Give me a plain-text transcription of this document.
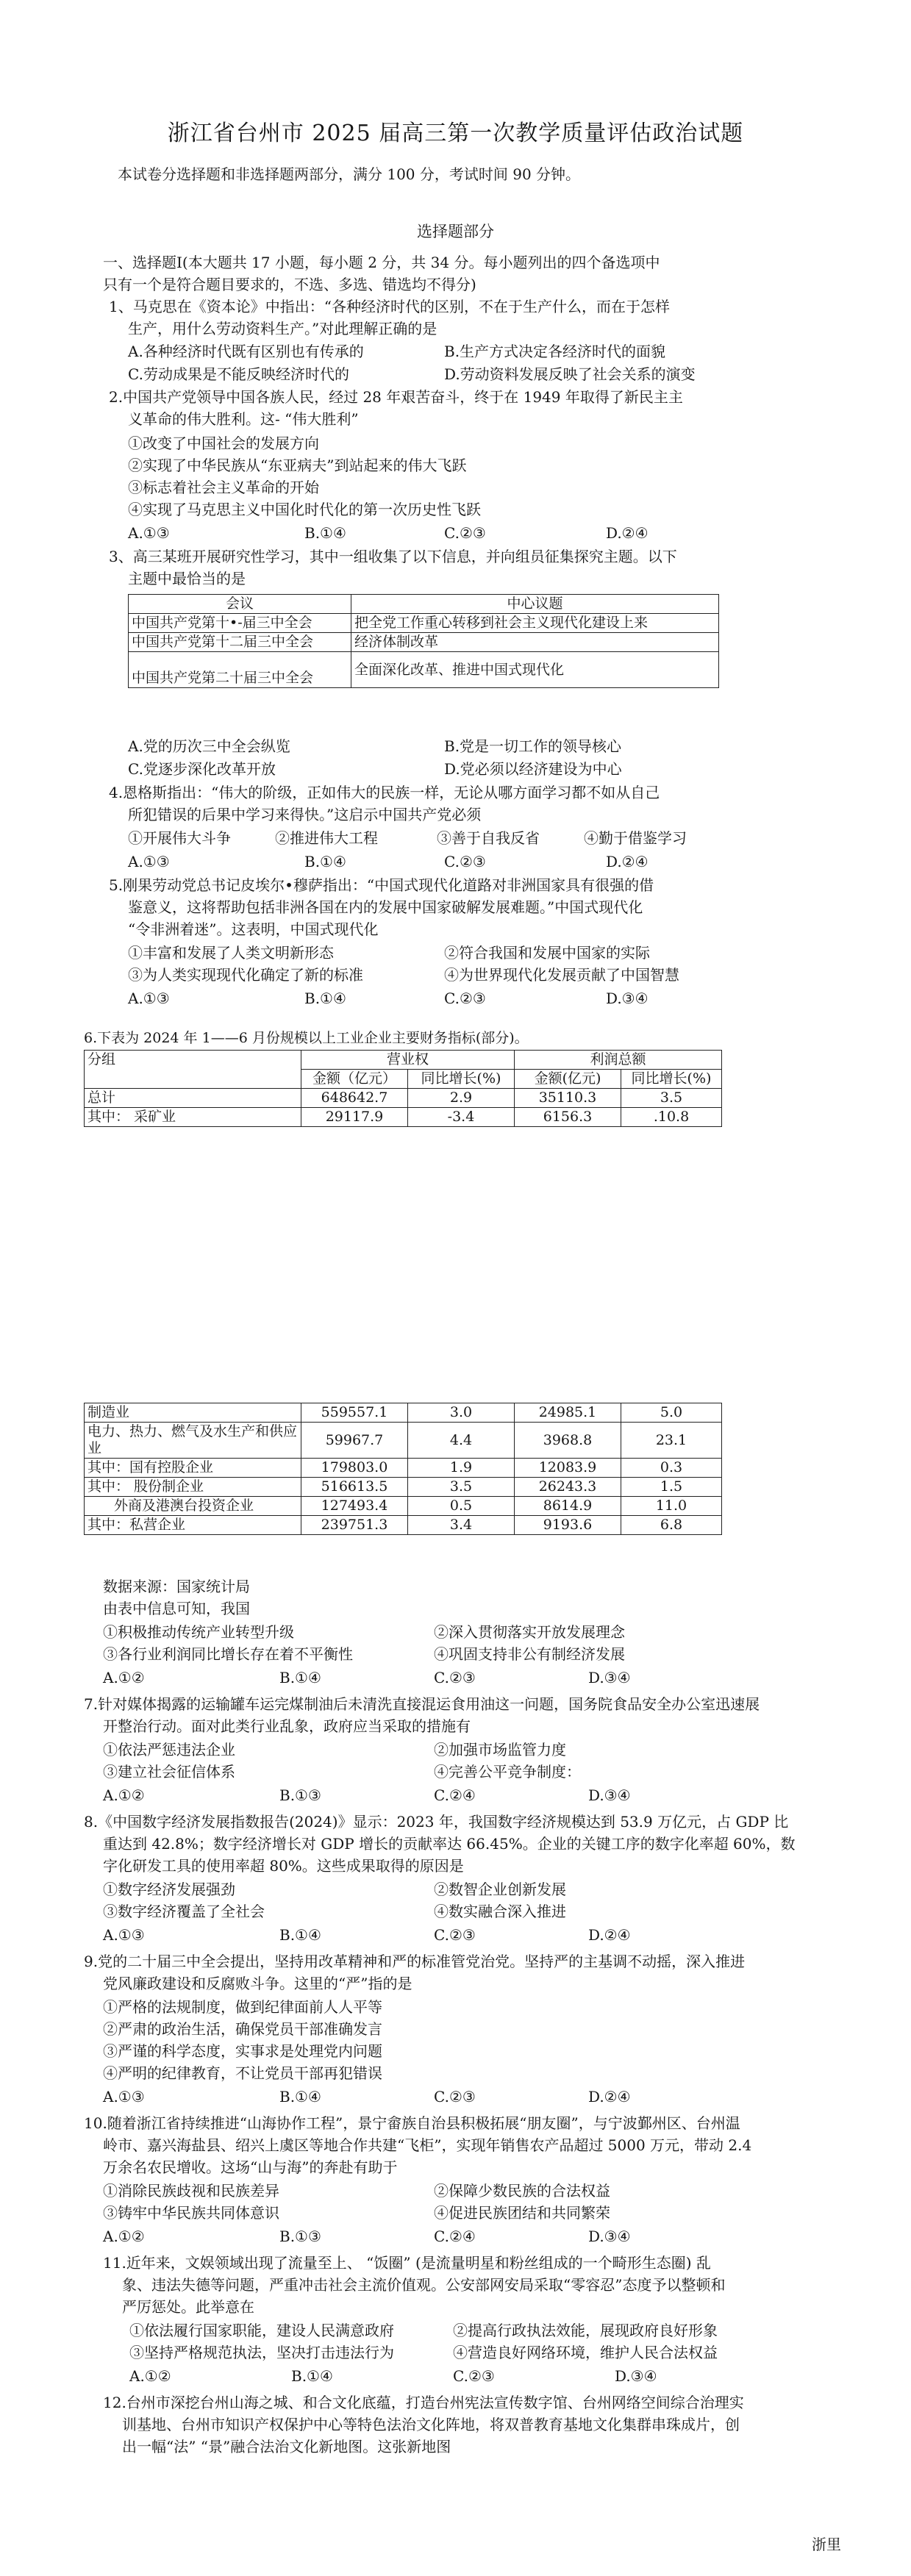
浙江省台州市 2025 届高三第一次教学质量评估政治试题
本试卷分选择题和非选择题两部分，满分 100 分，考试时间 90 分钟。
选择题部分
一、选择题Ⅰ(本大题共 17 小题，每小题 2 分，共 34 分。每小题列出的四个备选项中
只有一个是符合题目要求的，不选、多选、错选均不得分)
1、马克思在《资本论》中指出：“各种经济时代的区别，不在于生产什么，而在于怎样
生产，用什么劳动资料生产。”对此理解正确的是
A.各种经济时代既有区别也有传承的	B.生产方式决定各经济时代的面貌
C.劳动成果是不能反映经济时代的	D.劳动资料发展反映了社会关系的演变
2.中国共产党领导中国各族人民，经过 28 年艰苦奋斗，终于在 1949 年取得了新民主主
义革命的伟大胜利。这- “伟大胜利”
①改变了中国社会的发展方向
②实现了中华民族从“东亚病夫”到站起来的伟大飞跃
③标志着社会主义革命的开始
④实现了马克思主义中国化时代化的第一次历史性飞跃
A.①③	B.①④	C.②③	D.②④
3、高三某班开展研究性学习，其中一组收集了以下信息，并向组员征集探究主题。以下
主题中最恰当的是
会议	中心议题
中国共产党第十•-届三中全会	把全党工作重心转移到社会主义现代化建设上来
中国共产党第十二届三中全会	经济体制改革
中国共产党第二十届三中全会	全面深化改革、推进中国式现代化
A.党的历次三中全会纵览	B.党是一切工作的领导核心
C.党逐步深化改革开放	D.党必须以经济建设为中心
4.恩格斯指出：“伟大的阶级，正如伟大的民族一样，无论从哪方面学习都不如从自己
所犯错误的后果中学习来得快。”这启示中国共产党必须
①开展伟大斗争	②推进伟大工程	③善于自我反省	④勤于借鉴学习
A.①③	B.①④	C.②③	D.②④
5.刚果劳动党总书记皮埃尔•穆萨指出：“中国式现代化道路对非洲国家具有很强的借
鉴意义，这将帮助包括非洲各国在内的发展中国家破解发展难题。”中国式现代化
“令非洲着迷”。这表明，中国式现代化
①丰富和发展了人类文明新形态	②符合我国和发展中国家的实际
③为人类实现现代化确定了新的标准	④为世界现代化发展贡献了中国智慧
A.①③	B.①④	C.②③	D.③④
6.下表为 2024 年 1——6 月份规模以上工业企业主要财务指标(部分)。
分组	营业权		利润总额	
	金额（亿元）	同比增长(%)	金额(亿元)	同比增长(%)
总计	648642.7	2.9	35110.3	3.5
其中： 采矿业	29117.9	-3.4	6156.3	.10.8
制造业	559557.1	3.0	24985.1	5.0
电力、热力、燃气及水生产和供应业	59967.7	4.4	3968.8	23.1
其中：国有控股企业	179803.0	1.9	12083.9	0.3
其中： 股份制企业	516613.5	3.5	26243.3	1.5
外商及港澳台投资企业	127493.4	0.5	8614.9	11.0
其中：私营企业	239751.3	3.4	9193.6	6.8
数据来源：国家统计局
由表中信息可知，我国
①积极推动传统产业转型升级	②深入贯彻落实开放发展理念
③各行业利润同比增长存在着不平衡性	④巩固支持非公有制经济发展
A.①②	B.①④	C.②③	D.③④
7.针对媒体揭露的运输罐车运完煤制油后未清洗直接混运食用油这一问题，国务院食品安全办公室迅速展
开整治行动。面对此类行业乱象，政府应当采取的措施有
①依法严惩违法企业	②加强市场监管力度
③建立社会征信体系	④完善公平竞争制度：
A.①②	B.①③	C.②④	D.③④
8.《中国数字经济发展指数报告(2024)》显示：2023 年，我国数字经济规模达到 53.9 万亿元，占 GDP 比
重达到 42.8%；数字经济增长对 GDP 增长的贡献率达 66.45%。企业的关键工序的数字化率超 60%，数
字化研发工具的使用率超 80%。这些成果取得的原因是
①数字经济发展强劲	②数智企业创新发展
③数字经济覆盖了全社会	④数实融合深入推进
A.①③	B.①④	C.②③	D.②④
9.党的二十届三中全会提出，坚持用改革精神和严的标准管党治党。坚持严的主基调不动摇，深入推进
党风廉政建设和反腐败斗争。这里的“严”指的是
①严格的法规制度，做到纪律面前人人平等
②严肃的政治生活，确保党员干部准确发言
③严谨的科学态度，实事求是处理党内问题
④严明的纪律教育，不让党员干部再犯错误
A.①③	B.①④	C.②③	D.②④
10.随着浙江省持续推进“山海协作工程”，景宁畲族自治县积极拓展“朋友圈”，与宁波鄞州区、台州温
岭市、嘉兴海盐县、绍兴上虞区等地合作共建“飞柜”，实现年销售农产品超过 5000 万元，带动 2.4
万余名农民增收。这场“山与海”的奔赴有助于
①消除民族歧视和民族差异	②保障少数民族的合法权益
③铸牢中华民族共同体意识	④促进民族团结和共同繁荣
A.①②	B.①③	C.②④	D.③④
11.近年来，文娱领域出现了流量至上、 “饭圈” (是流量明星和粉丝组成的一个畸形生态圈) 乱
象、违法失德等问题，严重冲击社会主流价值观。公安部网安局采取“零容忍”态度予以整顿和
严厉惩处。此举意在
①依法履行国家职能，建设人民满意政府	②提高行政执法效能，展现政府良好形象
③坚持严格规范执法，坚决打击违法行为	④营造良好网络环境，维护人民合法权益
A.①②	B.①④	C.②③	D.③④
12.台州市深挖台州山海之城、和合文化底蕴，打造台州宪法宣传数字馆、台州网络空间综合治理实
训基地、台州市知识产权保护中心等特色法治文化阵地，将双普教育基地文化集群串珠成片，创
出一幅“法” “景”融合法治文化新地图。这张新地图
浙里
